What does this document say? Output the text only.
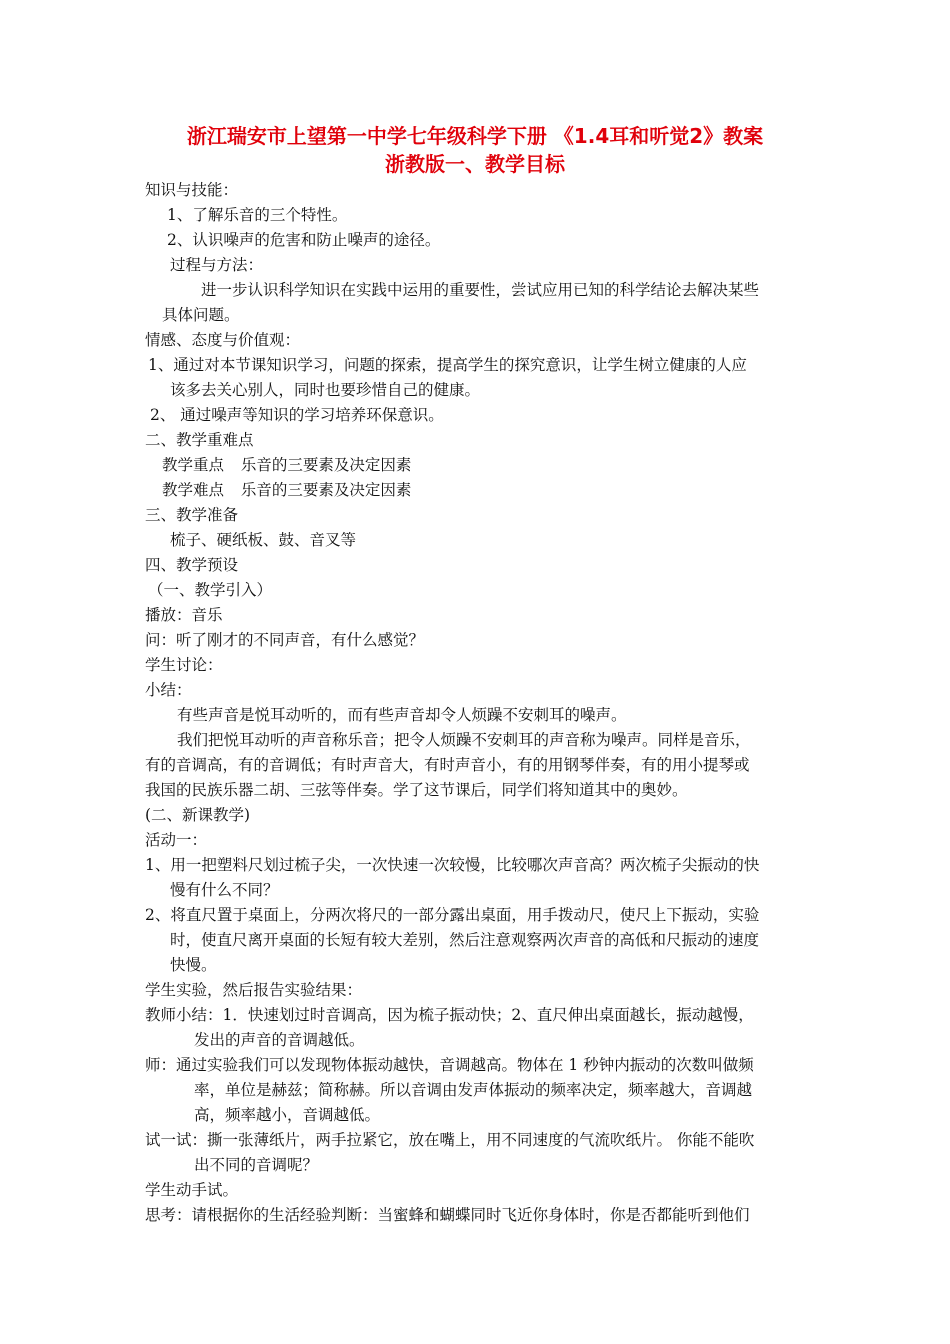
浙江瑞安市上望第一中学七年级科学下册 《1.4耳和听觉2》教案
浙教版一、教学目标
知识与技能：
1、了解乐音的三个特性。
2、认识噪声的危害和防止噪声的途径。
过程与方法：
进一步认识科学知识在实践中运用的重要性，尝试应用已知的科学结论去解决某些
具体问题。
情感、态度与价值观：
1、通过对本节课知识学习，问题的探索，提高学生的探究意识，让学生树立健康的人应
该多去关心别人，同时也要珍惜自己的健康。
2、 通过噪声等知识的学习培养环保意识。
二、教学重难点
教学重点 乐音的三要素及决定因素
教学难点 乐音的三要素及决定因素
三、教学准备
梳子、硬纸板、鼓、音叉等
四、教学预设
（一、教学引入）
播放：音乐
问：听了刚才的不同声音，有什么感觉？
学生讨论：
小结：
有些声音是悦耳动听的，而有些声音却令人烦躁不安刺耳的噪声。
我们把悦耳动听的声音称乐音；把令人烦躁不安刺耳的声音称为噪声。同样是音乐，
有的音调高，有的音调低；有时声音大，有时声音小，有的用钢琴伴奏，有的用小提琴或
我国的民族乐器二胡、三弦等伴奏。学了这节课后，同学们将知道其中的奥妙。
(二、新课教学)
活动一：
1、用一把塑料尺划过梳子尖，一次快速一次较慢，比较哪次声音高？两次梳子尖振动的快
慢有什么不同？
2、将直尺置于桌面上，分两次将尺的一部分露出桌面，用手拨动尺，使尺上下振动，实验
时，使直尺离开桌面的长短有较大差别，然后注意观察两次声音的高低和尺振动的速度
快慢。
学生实验，然后报告实验结果：
教师小结：1．快速划过时音调高，因为梳子振动快；2、直尺伸出桌面越长，振动越慢，
发出的声音的音调越低。
师：通过实验我们可以发现物体振动越快，音调越高。物体在 1 秒钟内振动的次数叫做频
率，单位是赫兹；简称赫。所以音调由发声体振动的频率决定，频率越大，音调越
高，频率越小，音调越低。
试一试：撕一张薄纸片，两手拉紧它，放在嘴上，用不同速度的气流吹纸片。 你能不能吹
出不同的音调呢？
学生动手试。
思考：请根据你的生活经验判断：当蜜蜂和蝴蝶同时飞近你身体时，你是否都能听到他们
